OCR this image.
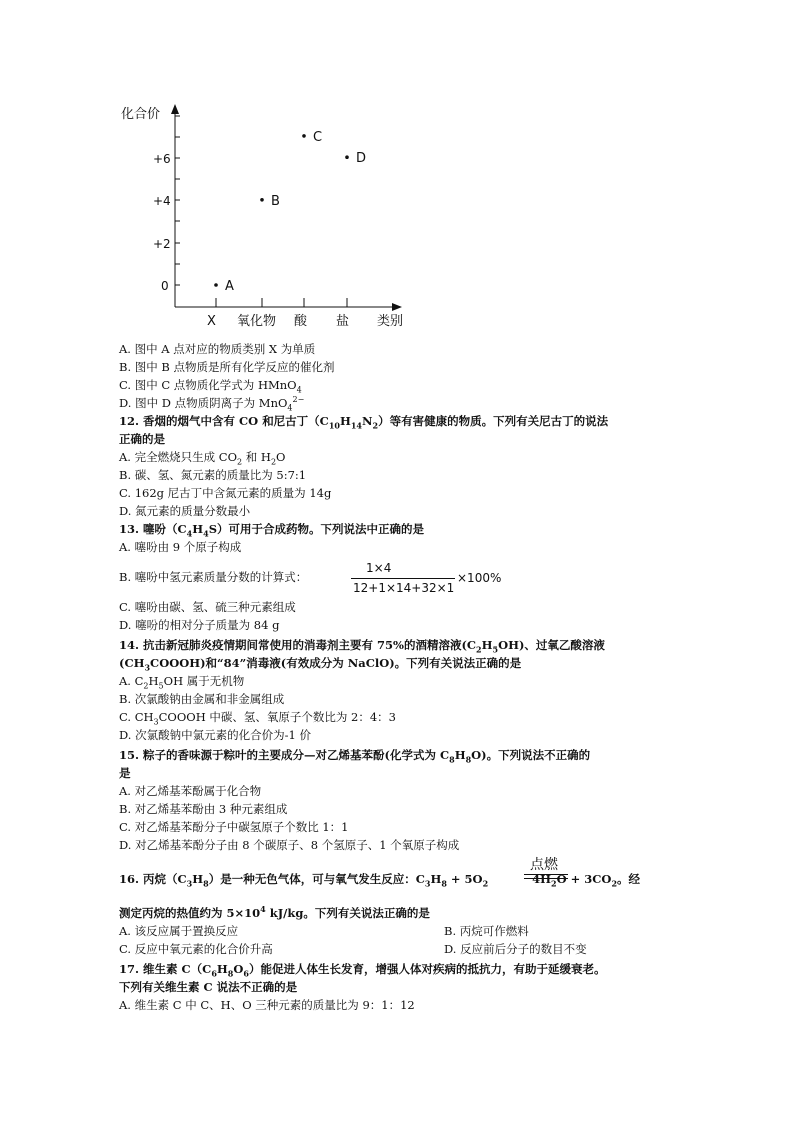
化合价
+6
+4
+2
0
X 氧化物 酸 盐 类别
A
B
C
D
A. 图中 A 点对应的物质类别 X 为单质
B. 图中 B 点物质是所有化学反应的催化剂
C. 图中 C 点物质化学式为 HMnO$_4$
D. 图中 D 点物质阴离子为 MnO$_4^{2-}$
12. 香烟的烟气中含有 CO 和尼古丁$(C_{10}H_{14}N_2)$等有害健康的物质。下列有关尼古丁的说法
正确的是
A. 完全燃烧只生成 $CO_2$ 和 $H_2O$
B. 碳、氢、氮元素的质量比为 5:7:1
C. 162g 尼古丁中含氮元素的质量为 14g
D. 氮元素的质量分数最小
13. 噻吩$(C_4H_4S)$可用于合成药物。下列说法中正确的是
A. 噻吩由 9 个原子构成
B. 噻吩中氢元素质量分数的计算式：
1×4
12+1×14+32×1
×100%
C. 噻吩由碳、氢、硫三种元素组成
D. 噻吩的相对分子质量为 84 g
14. 抗击新冠肺炎疫情期间常使用的消毒剂主要有 75%的酒精溶液$(C_2H_5OH)$、过氧乙酸溶液
$(CH_3COOOH)$和“84”消毒液(有效成分为 NaClO)。下列有关说法正确的是
A. $C_2H_5OH$ 属于无机物
B. 次氯酸钠由金属和非金属组成
C. $CH_3COOOH$ 中碳、氢、氧原子个数比为 2：4：3
D. 次氯酸钠中氯元素的化合价为-1 价
15. 粽子的香味源于粽叶的主要成分—对乙烯基苯酚(化学式为 $C_8H_8O$)。下列说法不正确的
是
A. 对乙烯基苯酚属于化合物
B. 对乙烯基苯酚由 3 种元素组成
C. 对乙烯基苯酚分子中碳氢原子个数比 1：1
D. 对乙烯基苯酚分子由 8 个碳原子、8 个氢原子、1 个氧原子构成
点燃
16. 丙烷$(C_3H_8)$是一种无色气体，可与氧气发生反应：$C_3H_8 + 5O_2$	$4H_2O + 3CO_2$。经
测定丙烷的热值约为 $5\times 10^4$ kJ/kg。下列有关说法正确的是
A. 该反应属于置换反应	B. 丙烷可作燃料
C. 反应中氧元素的化合价升高	D. 反应前后分子的数目不变
17. 维生素 $C(C_6H_8O_6)$能促进人体生长发育，增强人体对疾病的抵抗力，有助于延缓衰老。
下列有关维生素 C 说法不正确的是
A. 维生素 C 中 C、H、O 三种元素的质量比为 9：1：12
